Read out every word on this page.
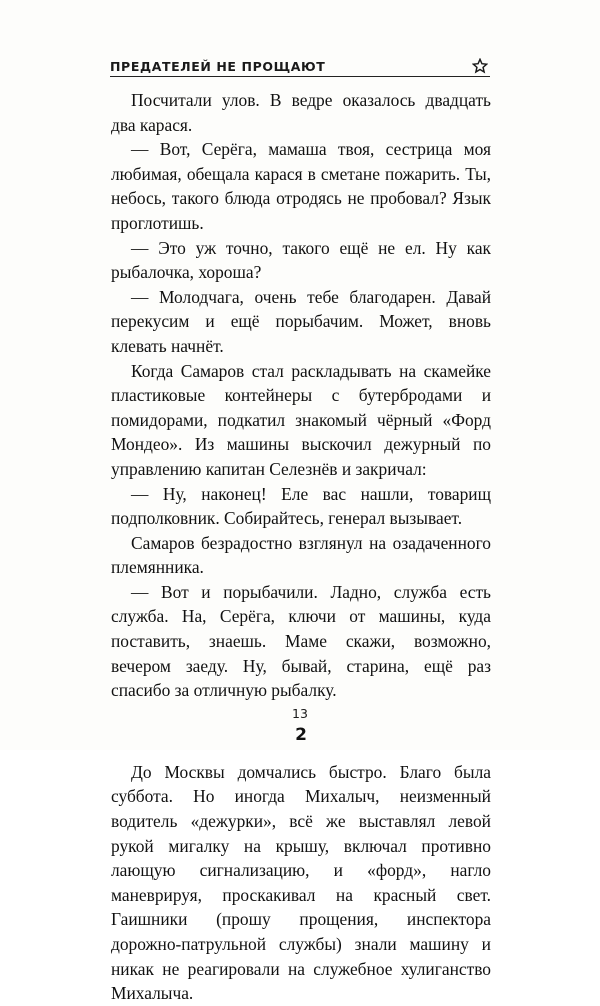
ПРЕДАТЕЛЕЙ НЕ ПРОЩАЮТ

Посчитали улов. В ведре оказалось двадцать два карася.

— Вот, Серёга, мамаша твоя, сестрица моя любимая, обещала карася в сметане пожарить. Ты, небось, такого блюда отродясь не пробовал? Язык проглотишь.

— Это уж точно, такого ещё не ел. Ну как рыбалочка, хороша?

— Молодчага, очень тебе благодарен. Давай перекусим и ещё порыбачим. Может, вновь клевать начнёт.

Когда Самаров стал раскладывать на скамейке пластиковые контейнеры с бутербродами и помидорами, подкатил знакомый чёрный «Форд Мондео». Из машины выскочил дежурный по управлению капитан Селезнёв и закричал:

— Ну, наконец! Еле вас нашли, товарищ подполковник. Собирайтесь, генерал вызывает.

Самаров безрадостно взглянул на озадаченного племянника.

— Вот и порыбачили. Ладно, служба есть служба. На, Серёга, ключи от машины, куда поставить, знаешь. Маме скажи, возможно, вечером заеду. Ну, бывай, старина, ещё раз спасибо за отличную рыбалку.

2

До Москвы домчались быстро. Благо была суббота. Но иногда Михалыч, неизменный водитель «дежурки», всё же выставлял левой рукой мигалку на крышу, включал противно лающую сигнализацию, и «форд», нагло маневрируя, проскакивал на красный свет. Гаишники (прошу прощения, инспектора дорожно-патрульной службы) знали машину и никак не реагировали на служебное хулиганство Михалыча.

13
